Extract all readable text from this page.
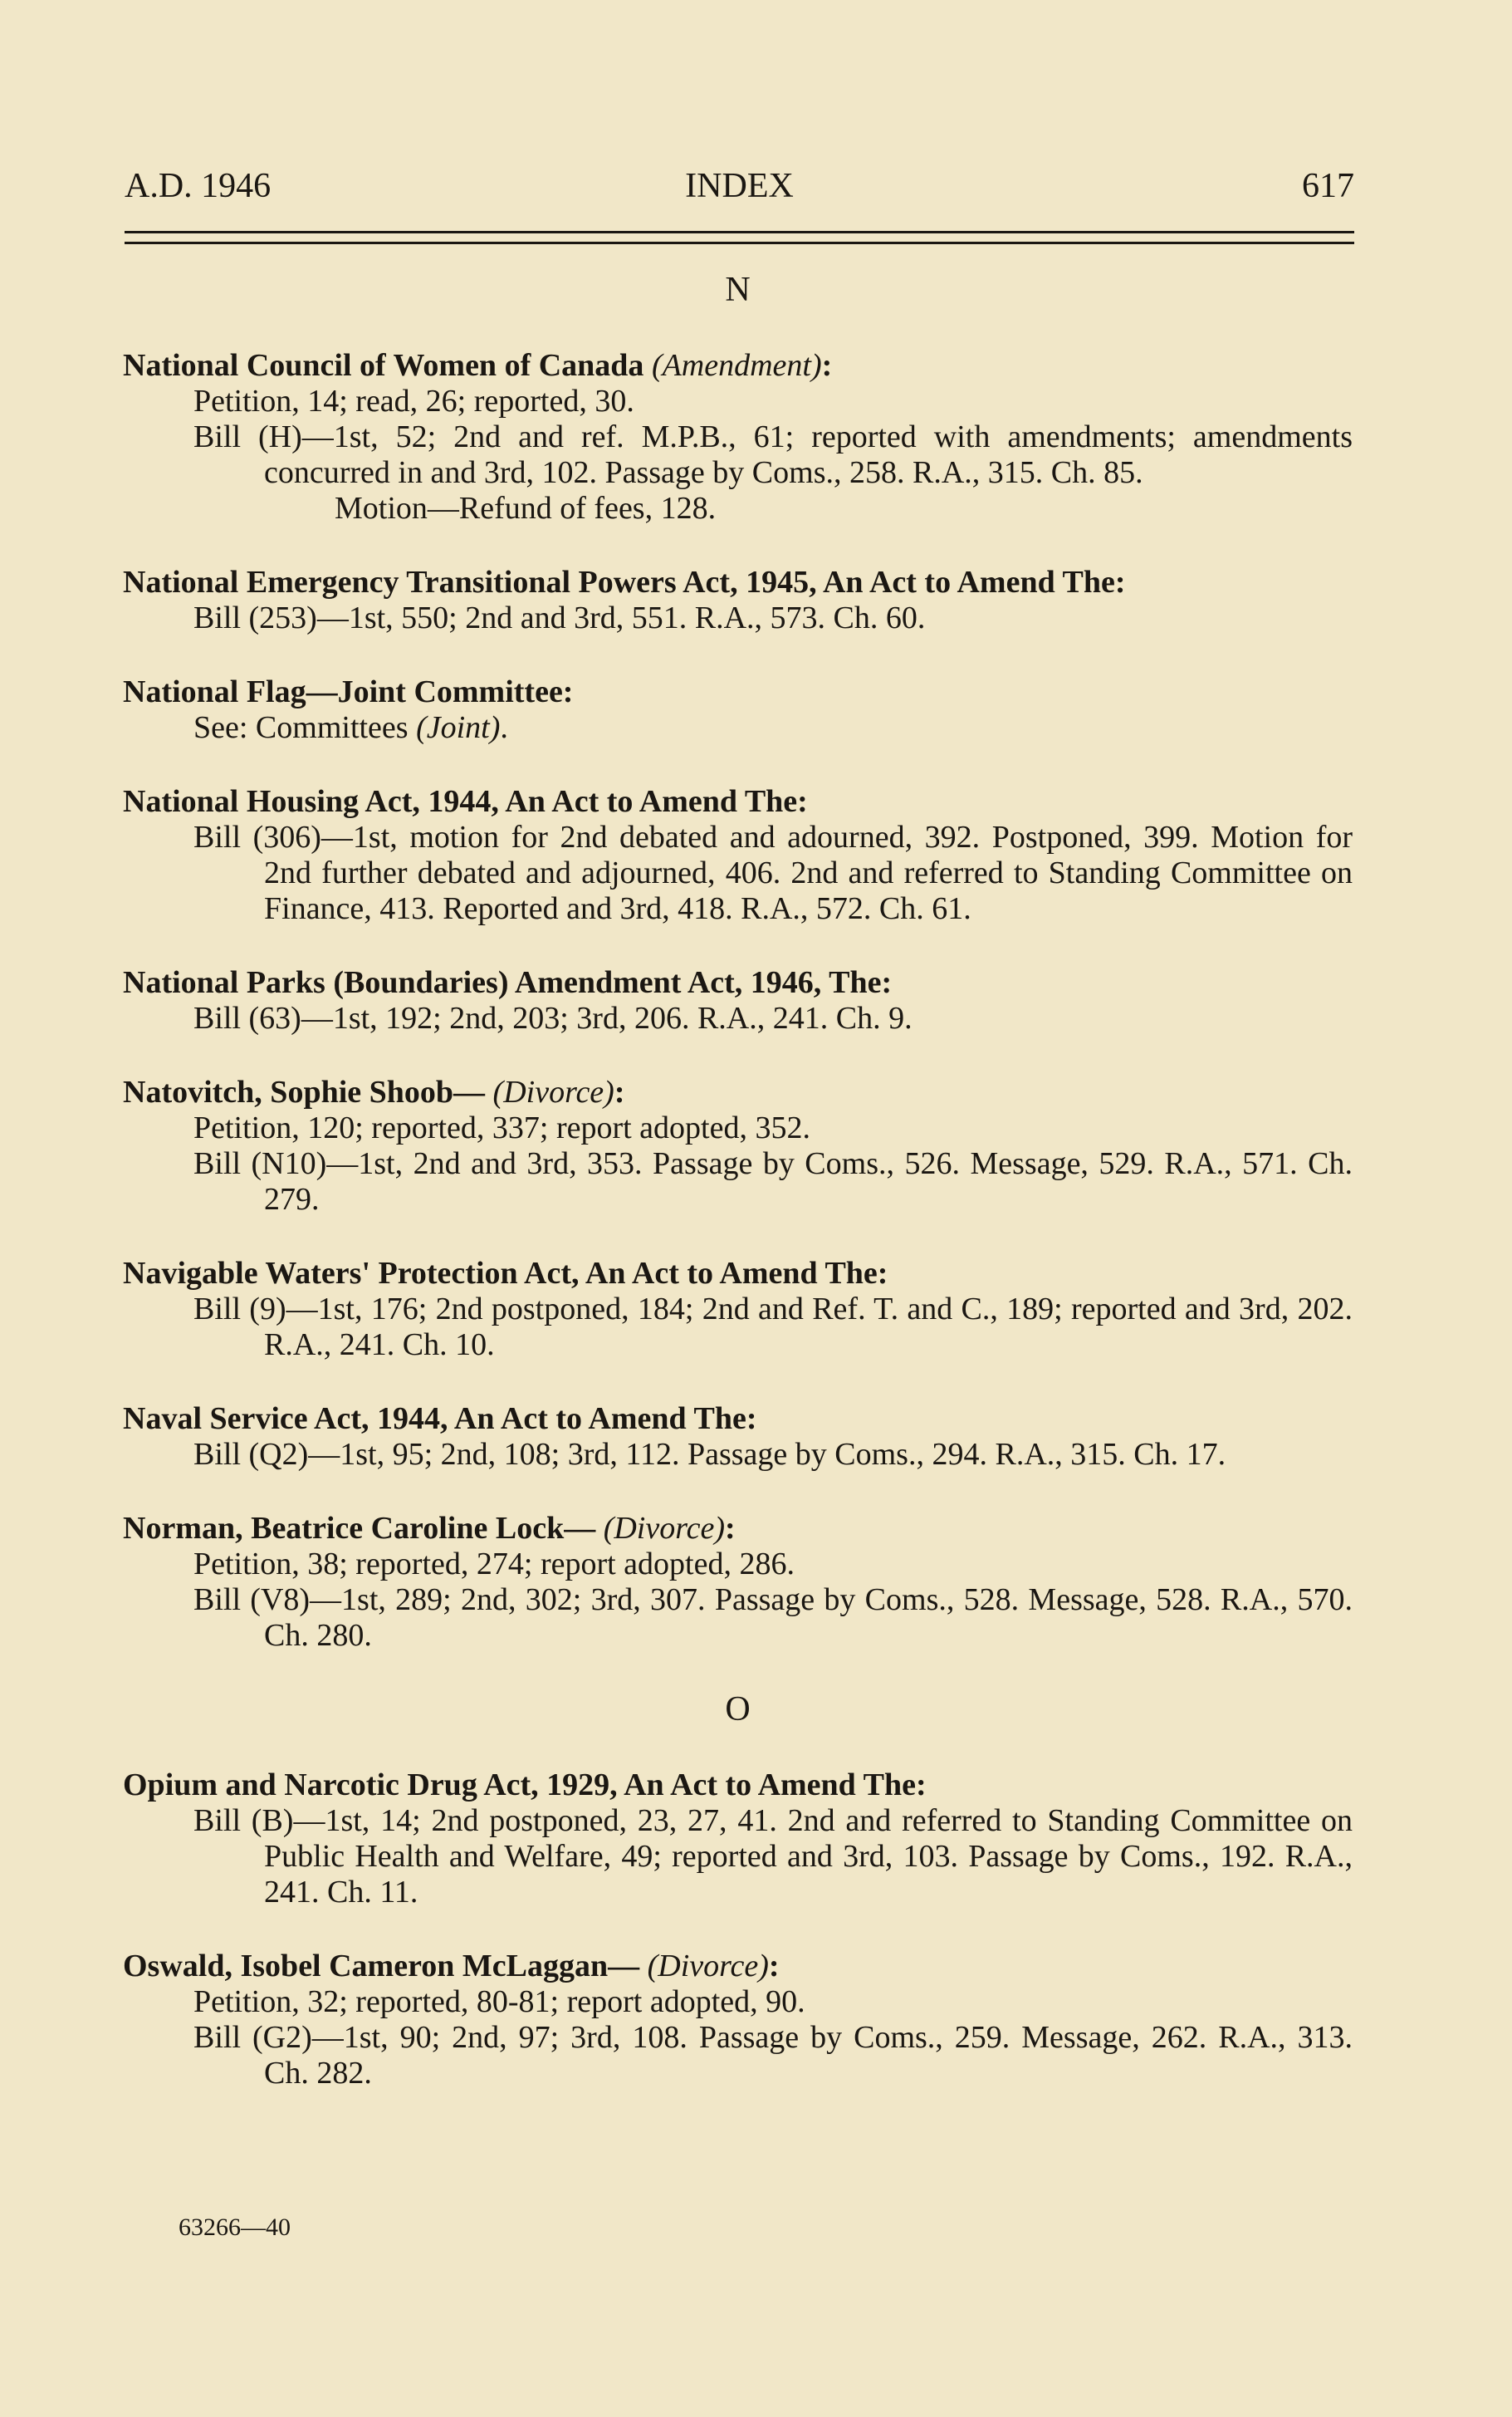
A.D. 1946	INDEX	617
N
National Council of Women of Canada (Amendment):
Petition, 14; read, 26; reported, 30.
Bill (H)—1st, 52; 2nd and ref. M.P.B., 61; reported with amendments; amendments concurred in and 3rd, 102. Passage by Coms., 258. R.A., 315. Ch. 85.
Motion—Refund of fees, 128.
National Emergency Transitional Powers Act, 1945, An Act to Amend The:
Bill (253)—1st, 550; 2nd and 3rd, 551. R.A., 573. Ch. 60.
National Flag—Joint Committee:
See: Committees (Joint).
National Housing Act, 1944, An Act to Amend The:
Bill (306)—1st, motion for 2nd debated and adourned, 392. Postponed, 399. Motion for 2nd further debated and adjourned, 406. 2nd and referred to Standing Committee on Finance, 413. Reported and 3rd, 418. R.A., 572. Ch. 61.
National Parks (Boundaries) Amendment Act, 1946, The:
Bill (63)—1st, 192; 2nd, 203; 3rd, 206. R.A., 241. Ch. 9.
Natovitch, Sophie Shoob— (Divorce):
Petition, 120; reported, 337; report adopted, 352.
Bill (N10)—1st, 2nd and 3rd, 353. Passage by Coms., 526. Message, 529. R.A., 571. Ch. 279.
Navigable Waters' Protection Act, An Act to Amend The:
Bill (9)—1st, 176; 2nd postponed, 184; 2nd and Ref. T. and C., 189; reported and 3rd, 202. R.A., 241. Ch. 10.
Naval Service Act, 1944, An Act to Amend The:
Bill (Q2)—1st, 95; 2nd, 108; 3rd, 112. Passage by Coms., 294. R.A., 315. Ch. 17.
Norman, Beatrice Caroline Lock— (Divorce):
Petition, 38; reported, 274; report adopted, 286.
Bill (V8)—1st, 289; 2nd, 302; 3rd, 307. Passage by Coms., 528. Message, 528. R.A., 570. Ch. 280.
O
Opium and Narcotic Drug Act, 1929, An Act to Amend The:
Bill (B)—1st, 14; 2nd postponed, 23, 27, 41. 2nd and referred to Standing Committee on Public Health and Welfare, 49; reported and 3rd, 103. Passage by Coms., 192. R.A., 241. Ch. 11.
Oswald, Isobel Cameron McLaggan— (Divorce):
Petition, 32; reported, 80-81; report adopted, 90.
Bill (G2)—1st, 90; 2nd, 97; 3rd, 108. Passage by Coms., 259. Message, 262. R.A., 313. Ch. 282.
63266—40
